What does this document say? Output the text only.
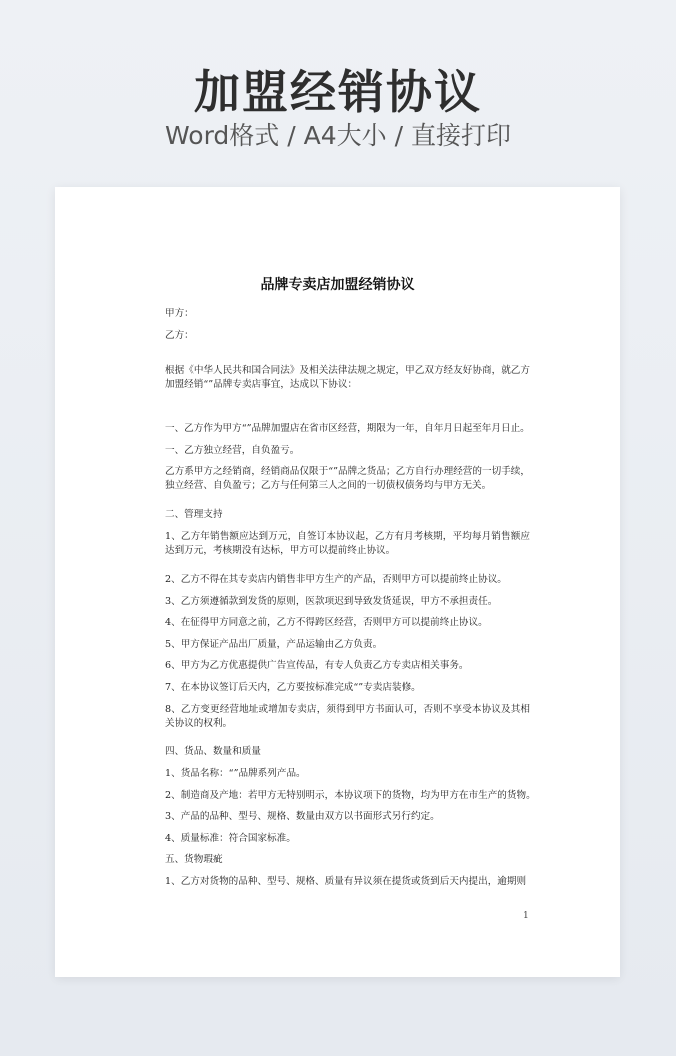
加盟经销协议
Word格式 / A4大小 / 直接打印
品牌专卖店加盟经销协议
甲方：
乙方：
根据《中华人民共和国合同法》及相关法律法规之规定，甲乙双方经友好协商，就乙方加盟经销“”品牌专卖店事宜，达成以下协议：
一、乙方作为甲方“”品牌加盟店在省市区经营，期限为一年，自年月日起至年月日止。
一、乙方独立经营，自负盈亏。
乙方系甲方之经销商，经销商品仅限于“”品牌之货品；乙方自行办理经营的一切手续，独立经营、自负盈亏；乙方与任何第三人之间的一切债权债务均与甲方无关。
二、管理支持
1、乙方年销售额应达到万元，自签订本协议起，乙方有月考核期，平均每月销售额应达到万元，考核期没有达标，甲方可以提前终止协议。
2、乙方不得在其专卖店内销售非甲方生产的产品，否则甲方可以提前终止协议。
3、乙方须遵循款到发货的原则，医款项迟到导致发货延误，甲方不承担责任。
4、在征得甲方同意之前，乙方不得跨区经营，否则甲方可以提前终止协议。
5、甲方保证产品出厂质量，产品运输由乙方负责。
6、甲方为乙方优惠提供广告宣传品，有专人负责乙方专卖店相关事务。
7、在本协议签订后天内，乙方要按标准完成“”专卖店装修。
8、乙方变更经营地址或增加专卖店，须得到甲方书面认可，否则不享受本协议及其相关协议的权利。
四、货品、数量和质量
1、货品名称：“”品牌系列产品。
2、制造商及产地：若甲方无特别明示，本协议项下的货物，均为甲方在市生产的货物。
3、产品的品种、型号、规格、数量由双方以书面形式另行约定。
4、质量标准：符合国家标准。
五、货物瑕疵
1、乙方对货物的品种、型号、规格、质量有异议须在提货或货到后天内提出，逾期则
1
